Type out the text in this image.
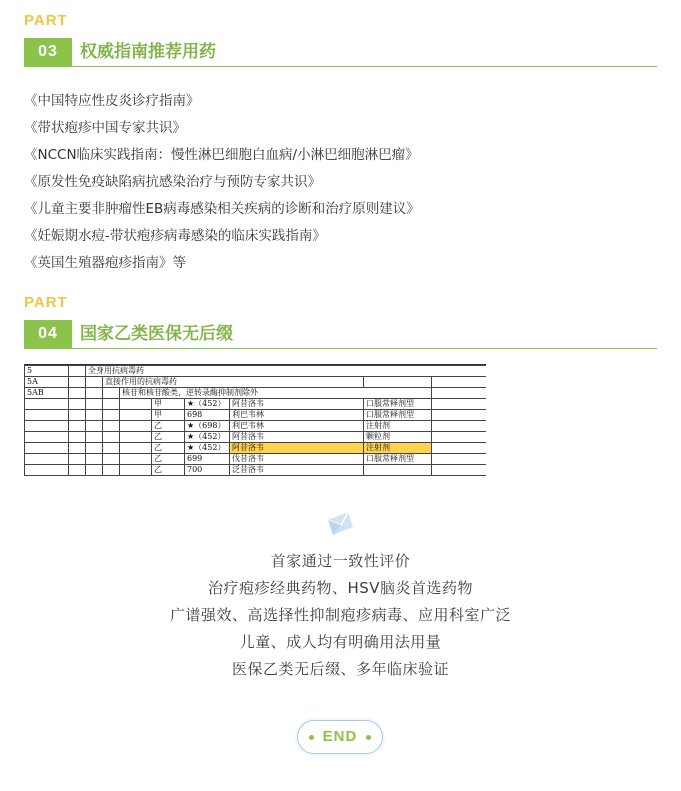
PART
03	权威指南推荐用药
《中国特应性皮炎诊疗指南》
《带状疱疹中国专家共识》
《NCCN临床实践指南：慢性淋巴细胞白血病/小淋巴细胞淋巴瘤》
《原发性免疫缺陷病抗感染治疗与预防专家共识》
《儿童主要非肿瘤性EB病毒感染相关疾病的诊断和治疗原则建议》
《妊娠期水痘-带状疱疹病毒感染的临床实践指南》
《英国生殖器疱疹指南》等
PART
04	国家乙类医保无后缀
5		全身用抗病毒药							
5A			直接作用的抗病毒药						
5AB				核苷和核苷酸类，逆转录酶抑制剂除外					
					甲	★（452）	阿昔洛韦	口服常释剂型	
					甲	698	利巴韦林	口服常释剂型	
					乙	★（698）	利巴韦林	注射剂	
					乙	★（452）	阿昔洛韦	颗粒剂	
					乙	★（452）	阿昔洛韦	注射剂	
					乙	699	伐昔洛韦	口服常释剂型	
					乙	700	泛昔洛韦		
首家通过一致性评价
治疗疱疹经典药物、HSV脑炎首选药物
广谱强效、高选择性抑制疱疹病毒、应用科室广泛
儿童、成人均有明确用法用量
医保乙类无后缀、多年临床验证
END
